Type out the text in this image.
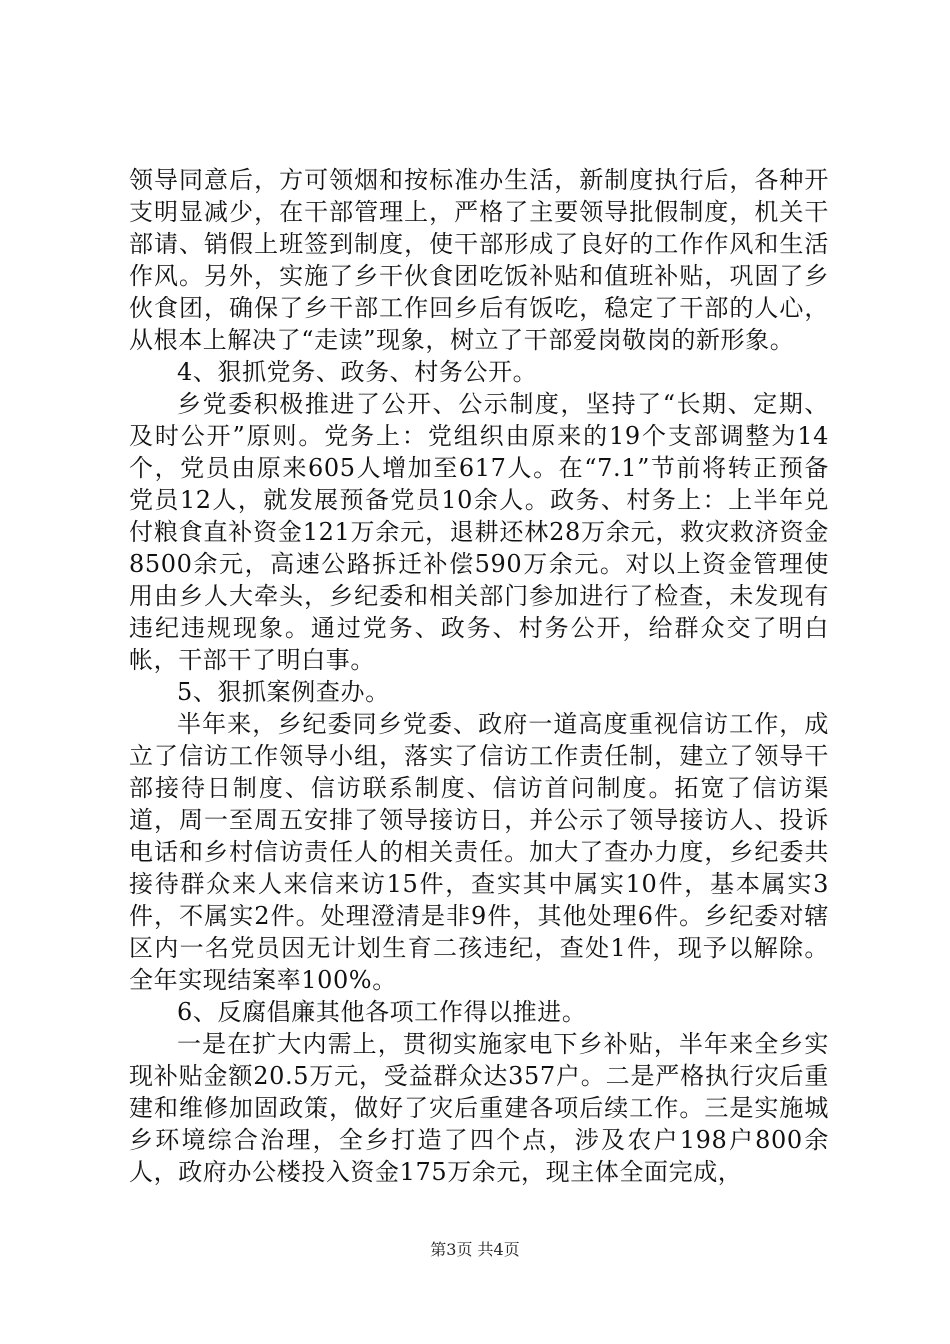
领导同意后，方可领烟和按标准办生活，新制度执行后，各种开支明显减少，在干部管理上，严格了主要领导批假制度，机关干部请、销假上班签到制度，使干部形成了良好的工作作风和生活作风。另外，实施了乡干伙食团吃饭补贴和值班补贴，巩固了乡伙食团，确保了乡干部工作回乡后有饭吃，稳定了干部的人心，从根本上解决了“走读”现象，树立了干部爱岗敬岗的新形象。

4、狠抓党务、政务、村务公开。

乡党委积极推进了公开、公示制度，坚持了“长期、定期、及时公开”原则。党务上：党组织由原来的19个支部调整为14个，党员由原来605人增加至617人。在“7.1”节前将转正预备党员12人，就发展预备党员10余人。政务、村务上：上半年兑付粮食直补资金121万余元，退耕还林28万余元，救灾救济资金8500余元，高速公路拆迁补偿590万余元。对以上资金管理使用由乡人大牵头，乡纪委和相关部门参加进行了检查，未发现有违纪违规现象。通过党务、政务、村务公开，给群众交了明白帐，干部干了明白事。

5、狠抓案例查办。

半年来，乡纪委同乡党委、政府一道高度重视信访工作，成立了信访工作领导小组，落实了信访工作责任制，建立了领导干部接待日制度、信访联系制度、信访首问制度。拓宽了信访渠道，周一至周五安排了领导接访日，并公示了领导接访人、投诉电话和乡村信访责任人的相关责任。加大了查办力度，乡纪委共接待群众来人来信来访15件，查实其中属实10件，基本属实3件，不属实2件。处理澄清是非9件，其他处理6件。乡纪委对辖区内一名党员因无计划生育二孩违纪，查处1件，现予以解除。全年实现结案率100%。

6、反腐倡廉其他各项工作得以推进。

一是在扩大内需上，贯彻实施家电下乡补贴，半年来全乡实现补贴金额20.5万元，受益群众达357户。二是严格执行灾后重建和维修加固政策，做好了灾后重建各项后续工作。三是实施城乡环境综合治理，全乡打造了四个点，涉及农户198户800余人，政府办公楼投入资金175万余元，现主体全面完成，

第3页 共4页
